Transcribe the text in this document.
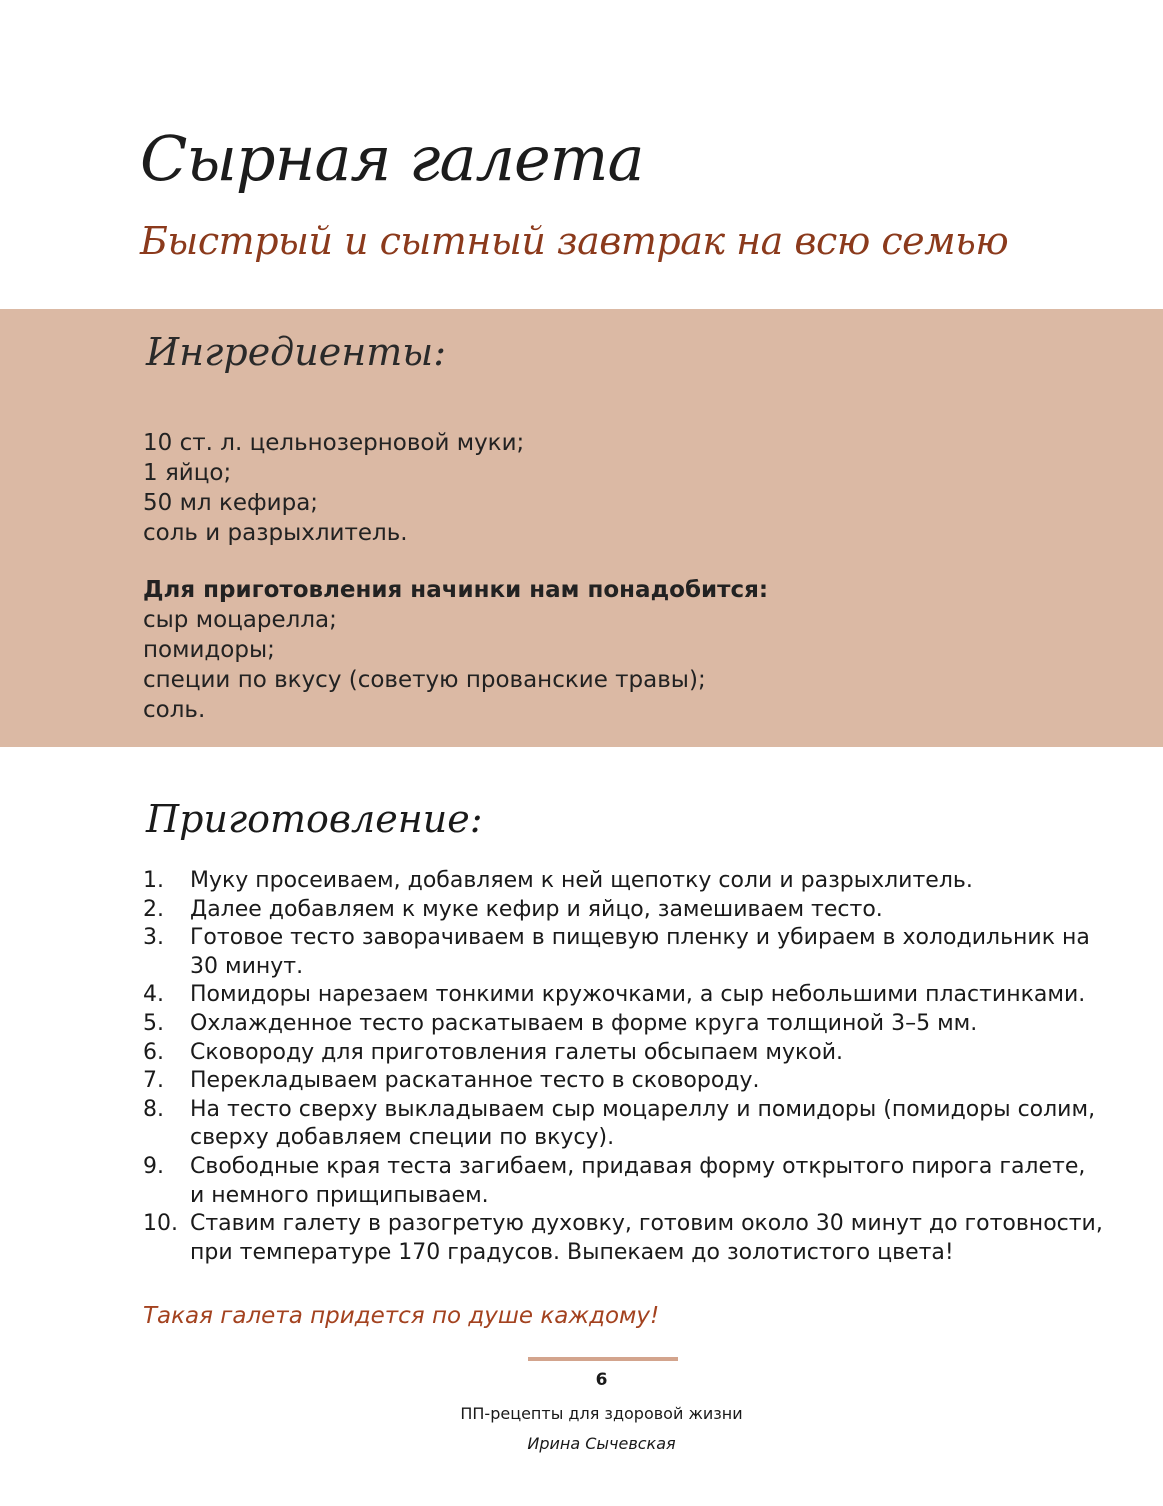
Сырная галета
Быстрый и сытный завтрак на всю семью
Ингредиенты:
10 ст. л. цельнозерновой муки;
1 яйцо;
50 мл кефира;
соль и разрыхлитель.
Для приготовления начинки нам понадобится:
сыр моцарелла;
помидоры;
специи по вкусу (советую прованские травы);
соль.
Приготовление:
1.	Муку просеиваем, добавляем к ней щепотку соли и разрыхлитель.
2.	Далее добавляем к муке кефир и яйцо, замешиваем тесто.
3.	Готовое тесто заворачиваем в пищевую пленку и убираем в холодильник на 30 минут.
4.	Помидоры нарезаем тонкими кружочками, а сыр небольшими пластинками.
5.	Охлажденное тесто раскатываем в форме круга толщиной 3–5 мм.
6.	Сковороду для приготовления галеты обсыпаем мукой.
7.	Перекладываем раскатанное тесто в сковороду.
8.	На тесто сверху выкладываем сыр моцареллу и помидоры (помидоры солим, сверху добавляем специи по вкусу).
9.	Свободные края теста загибаем, придавая форму открытого пирога галете, и немного прищипываем.
10. Ставим галету в разогретую духовку, готовим около 30 минут до готовности, при температуре 170 градусов. Выпекаем до золотистого цвета!
Такая галета придется по душе каждому!
6
ПП-рецепты для здоровой жизни
Ирина Сычевская
